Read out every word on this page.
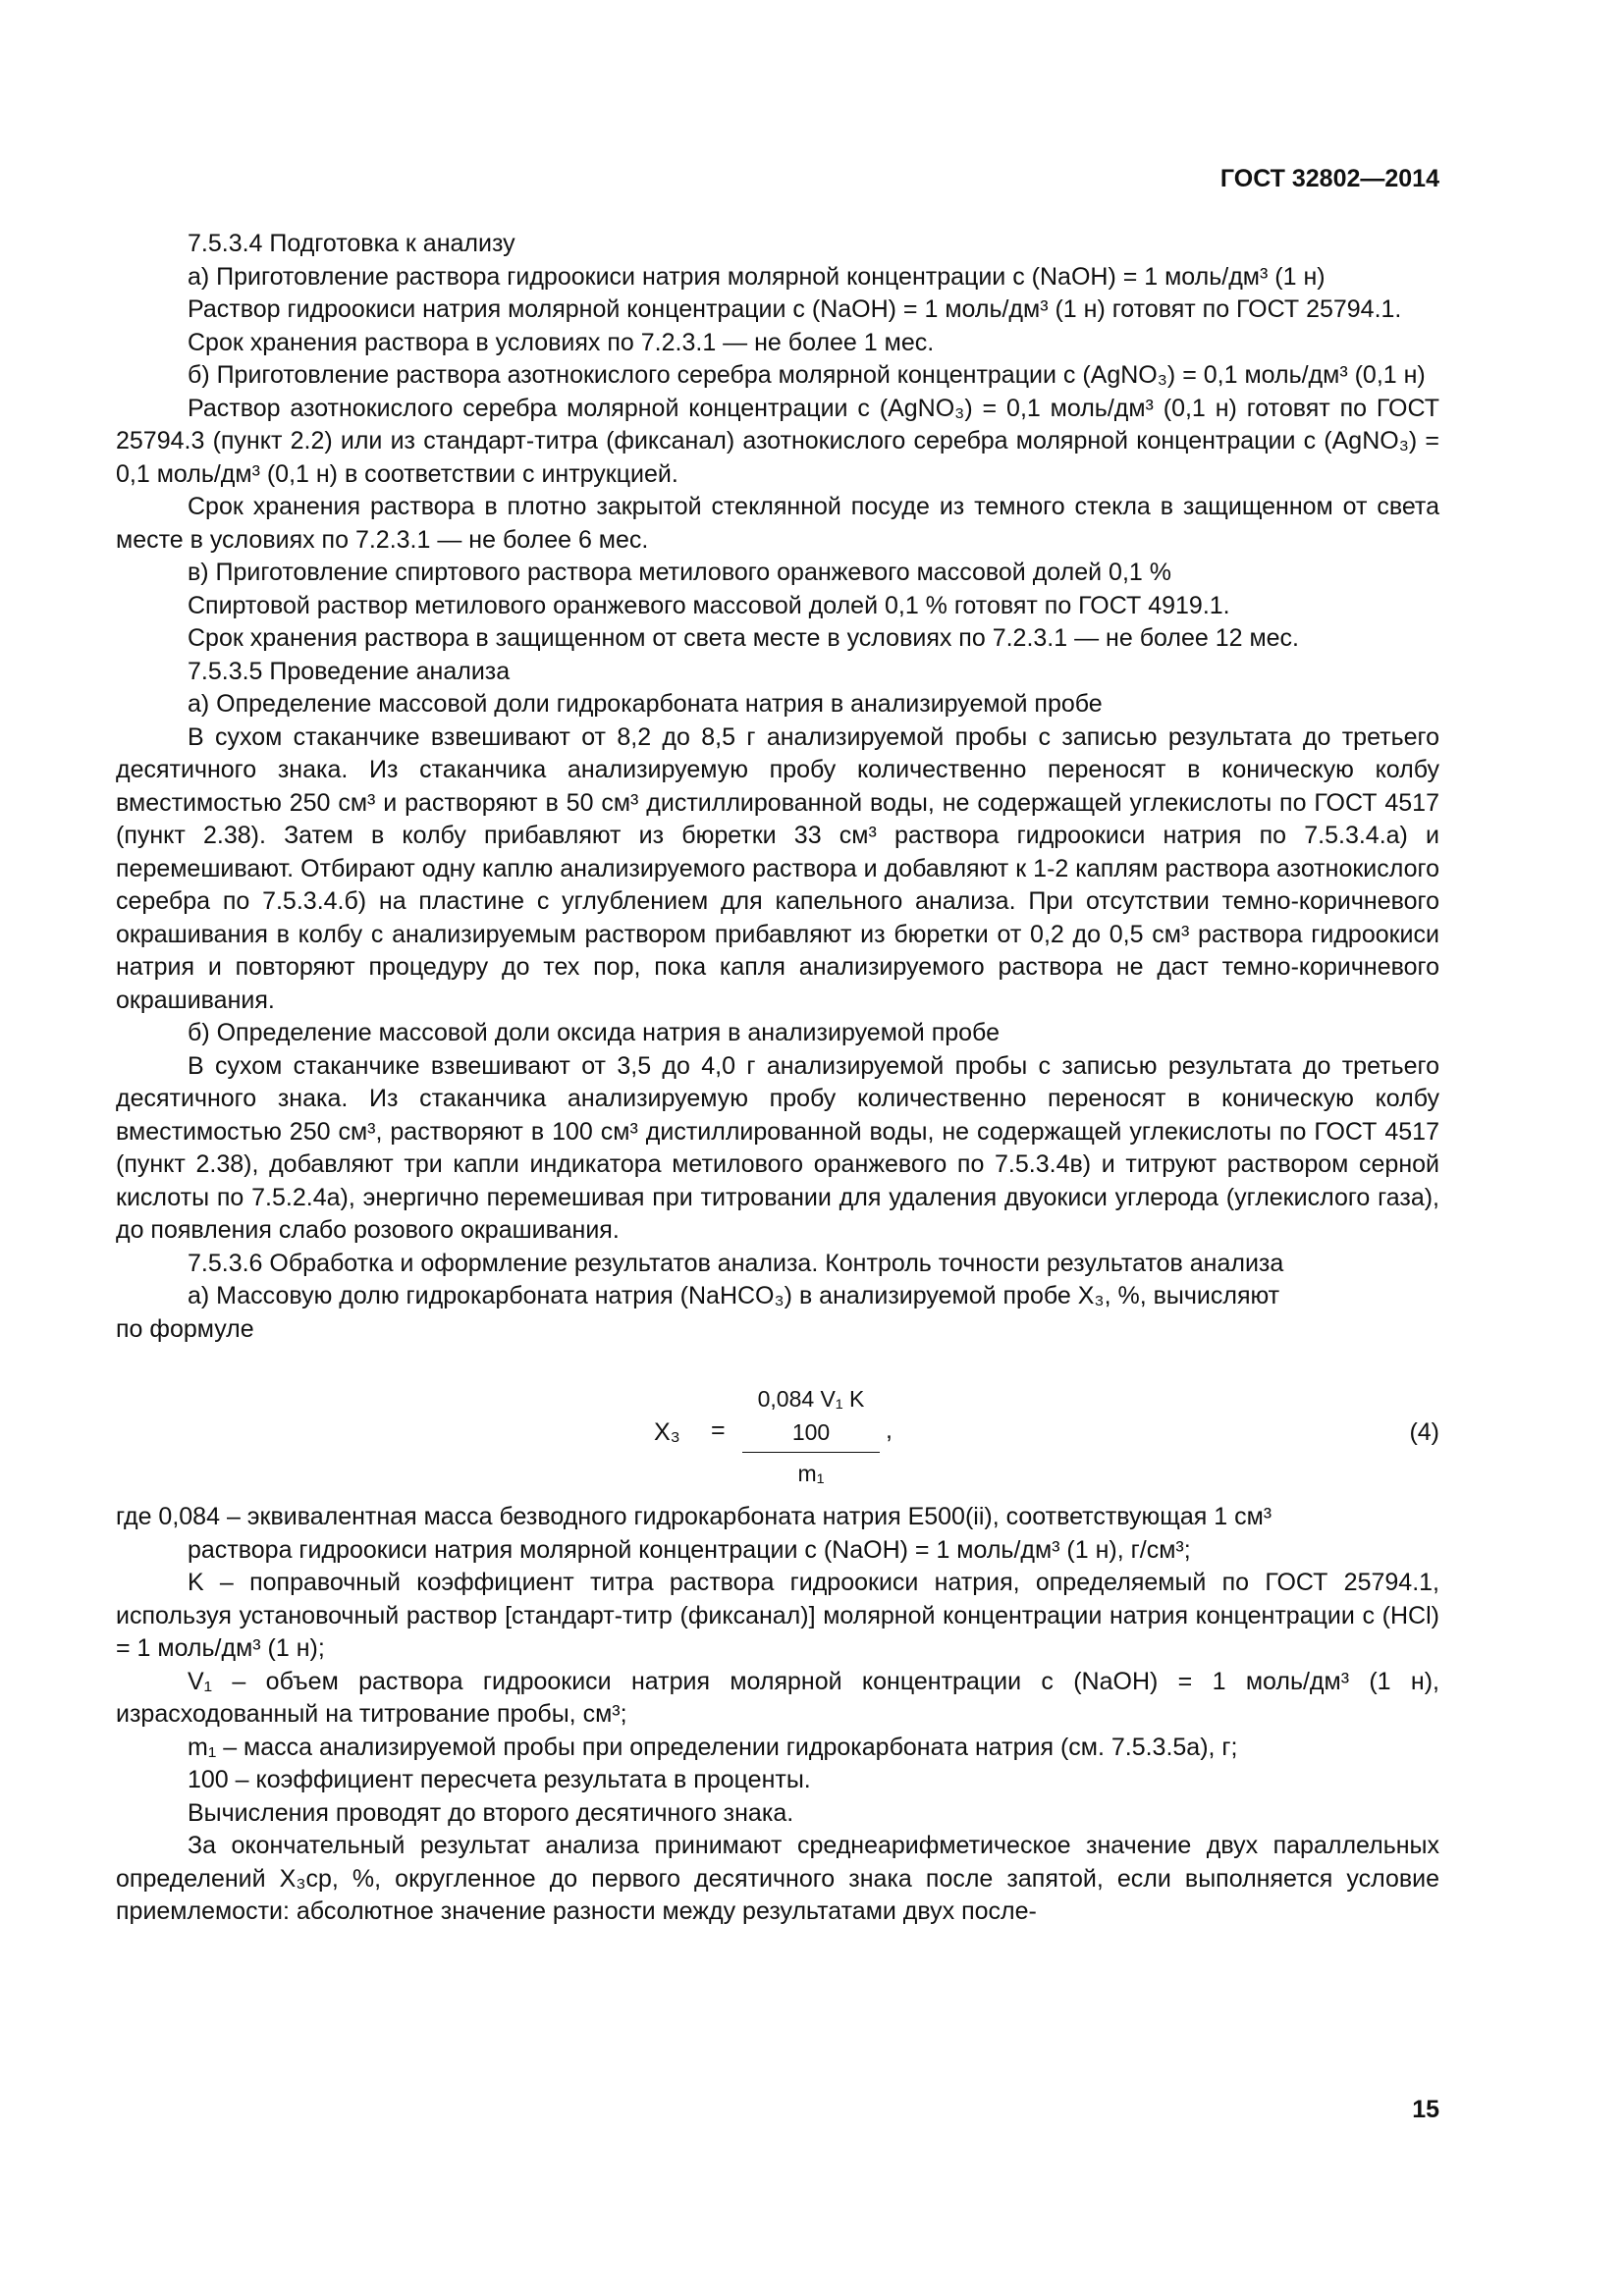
ГОСТ 32802—2014

7.5.3.4 Подготовка к анализу

а) Приготовление раствора гидроокиси натрия молярной концентрации c (NaOH) = 1 моль/дм³ (1 н)

Раствор гидроокиси натрия молярной концентрации c (NaOH) = 1 моль/дм³ (1 н) готовят по ГОСТ 25794.1.

Срок хранения раствора в условиях по 7.2.3.1 — не более 1 мес.

б) Приготовление раствора азотнокислого серебра молярной концентрации c (AgNO₃) = 0,1 моль/дм³ (0,1 н)

Раствор азотнокислого серебра молярной концентрации c (AgNO₃) = 0,1 моль/дм³ (0,1 н) готовят по ГОСТ 25794.3 (пункт 2.2) или из стандарт-титра (фиксанал) азотнокислого серебра молярной концентрации c (AgNO₃) = 0,1 моль/дм³ (0,1 н) в соответствии с интрукцией.

Срок хранения раствора в плотно закрытой стеклянной посуде из темного стекла в защищенном от света месте в условиях по 7.2.3.1 — не более 6 мес.

в) Приготовление спиртового раствора метилового оранжевого массовой долей 0,1 %

Спиртовой раствор метилового оранжевого массовой долей 0,1 % готовят по ГОСТ 4919.1.

Срок хранения раствора в защищенном от света месте в условиях по 7.2.3.1 — не более 12 мес.

7.5.3.5 Проведение анализа

а) Определение массовой доли гидрокарбоната натрия в анализируемой пробе

В сухом стаканчике взвешивают от 8,2 до 8,5 г анализируемой пробы с записью результата до третьего десятичного знака. Из стаканчика анализируемую пробу количественно переносят в коническую колбу вместимостью 250 см³ и растворяют в 50 см³ дистиллированной воды, не содержащей углекислоты по ГОСТ 4517 (пункт 2.38). Затем в колбу прибавляют из бюретки 33 см³ раствора гидроокиси натрия по 7.5.3.4.а) и перемешивают. Отбирают одну каплю анализируемого раствора и добавляют к 1-2 каплям раствора азотнокислого серебра по 7.5.3.4.б) на пластине с углублением для капельного анализа. При отсутствии темно-коричневого окрашивания в колбу с анализируемым раствором прибавляют из бюретки от 0,2 до 0,5 см³ раствора гидроокиси натрия и повторяют процедуру до тех пор, пока капля анализируемого раствора не даст темно-коричневого окрашивания.

б) Определение массовой доли оксида натрия в анализируемой пробе

В сухом стаканчике взвешивают от 3,5 до 4,0 г анализируемой пробы с записью результата до третьего десятичного знака. Из стаканчика анализируемую пробу количественно переносят в коническую колбу вместимостью 250 см³, растворяют в 100 см³ дистиллированной воды, не содержащей углекислоты по ГОСТ 4517 (пункт 2.38), добавляют три капли индикатора метилового оранжевого по 7.5.3.4в) и титруют раствором серной кислоты по 7.5.2.4а), энергично перемешивая при титровании для удаления двуокиси углерода (углекислого газа), до появления слабо розового окрашивания.

7.5.3.6 Обработка и оформление результатов анализа. Контроль точности результатов анализа

а) Массовую долю гидрокарбоната натрия (NaHCO₃) в анализируемой пробе X₃, %, вычисляют

по формуле

X₃ =
0,084 V₁ K 100
m₁
,	(4)

где 0,084 – эквивалентная масса безводного гидрокарбоната натрия Е500(ii), соответствующая 1 см³

раствора гидроокиси натрия молярной концентрации с (NaOH) = 1 моль/дм³ (1 н), г/см³;

K – поправочный коэффициент титра раствора гидроокиси натрия, определяемый по ГОСТ 25794.1, используя установочный раствор [стандарт-титр (фиксанал)] молярной концентрации натрия концентрации с (HCl) = 1 моль/дм³ (1 н);

V₁ – объем раствора гидроокиси натрия молярной концентрации с (NaOH) = 1 моль/дм³ (1 н), израсходованный на титрование пробы, см³;

m₁ – масса анализируемой пробы при определении гидрокарбоната натрия (см. 7.5.3.5а), г;

100 – коэффициент пересчета результата в проценты.

Вычисления проводят до второго десятичного знака.

За окончательный результат анализа принимают среднеарифметическое значение двух параллельных определений X₃ср, %, округленное до первого десятичного знака после запятой, если выполняется условие приемлемости: абсолютное значение разности между результатами двух после-

15
